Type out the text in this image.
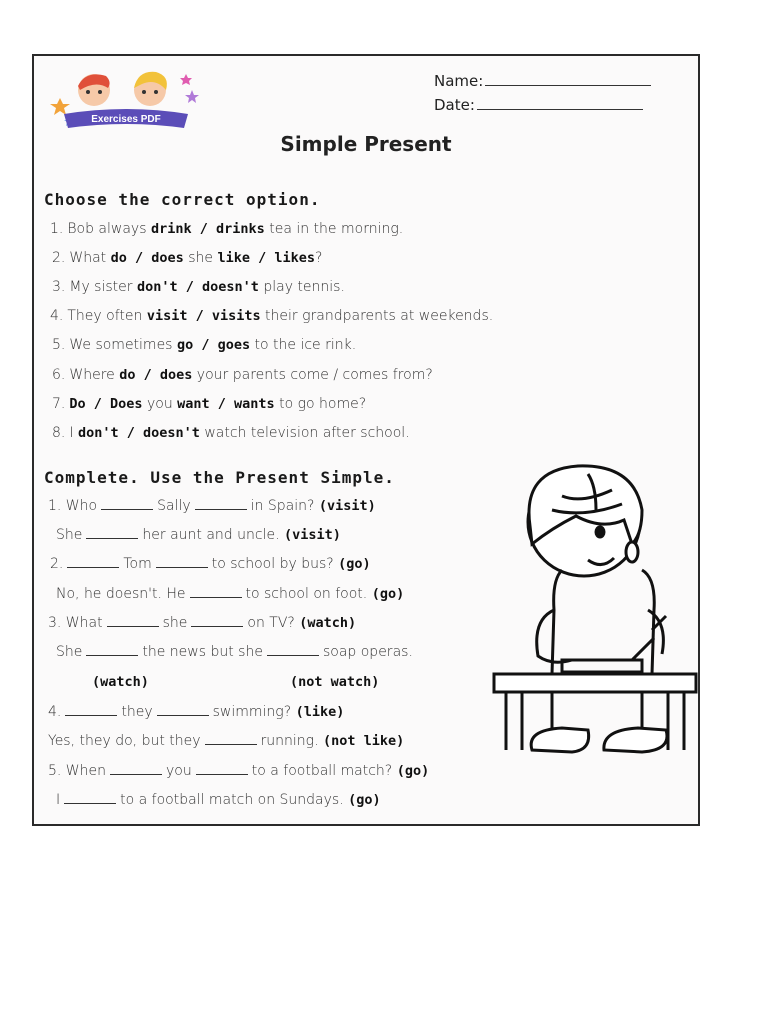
Exercises PDF
Name:
Date:
Simple Present
Choose the correct option.
1. Bob always drink / drinks tea in the morning.
2. What do / does she like / likes?
3. My sister don't / doesn't play tennis.
4. They often visit / visits their grandparents at weekends.
5. We sometimes go / goes to the ice rink.
6. Where do / does your parents come / comes from?
7. Do / Does you want / wants to go home?
8. I don't / doesn't watch television after school.
Complete. Use the Present Simple.
1. Who	Sally	in Spain? (visit)
She	her aunt and uncle. (visit)
2.	Tom	to school by bus? (go)
No, he doesn't. He	to school on foot. (go)
3. What	she	on TV? (watch)
She	the news but she	soap operas.
(watch)	(not watch)
4.	they	swimming? (like)
Yes, they do, but they	running. (not like)
5. When	you	to a football match? (go)
I	to a football match on Sundays. (go)
